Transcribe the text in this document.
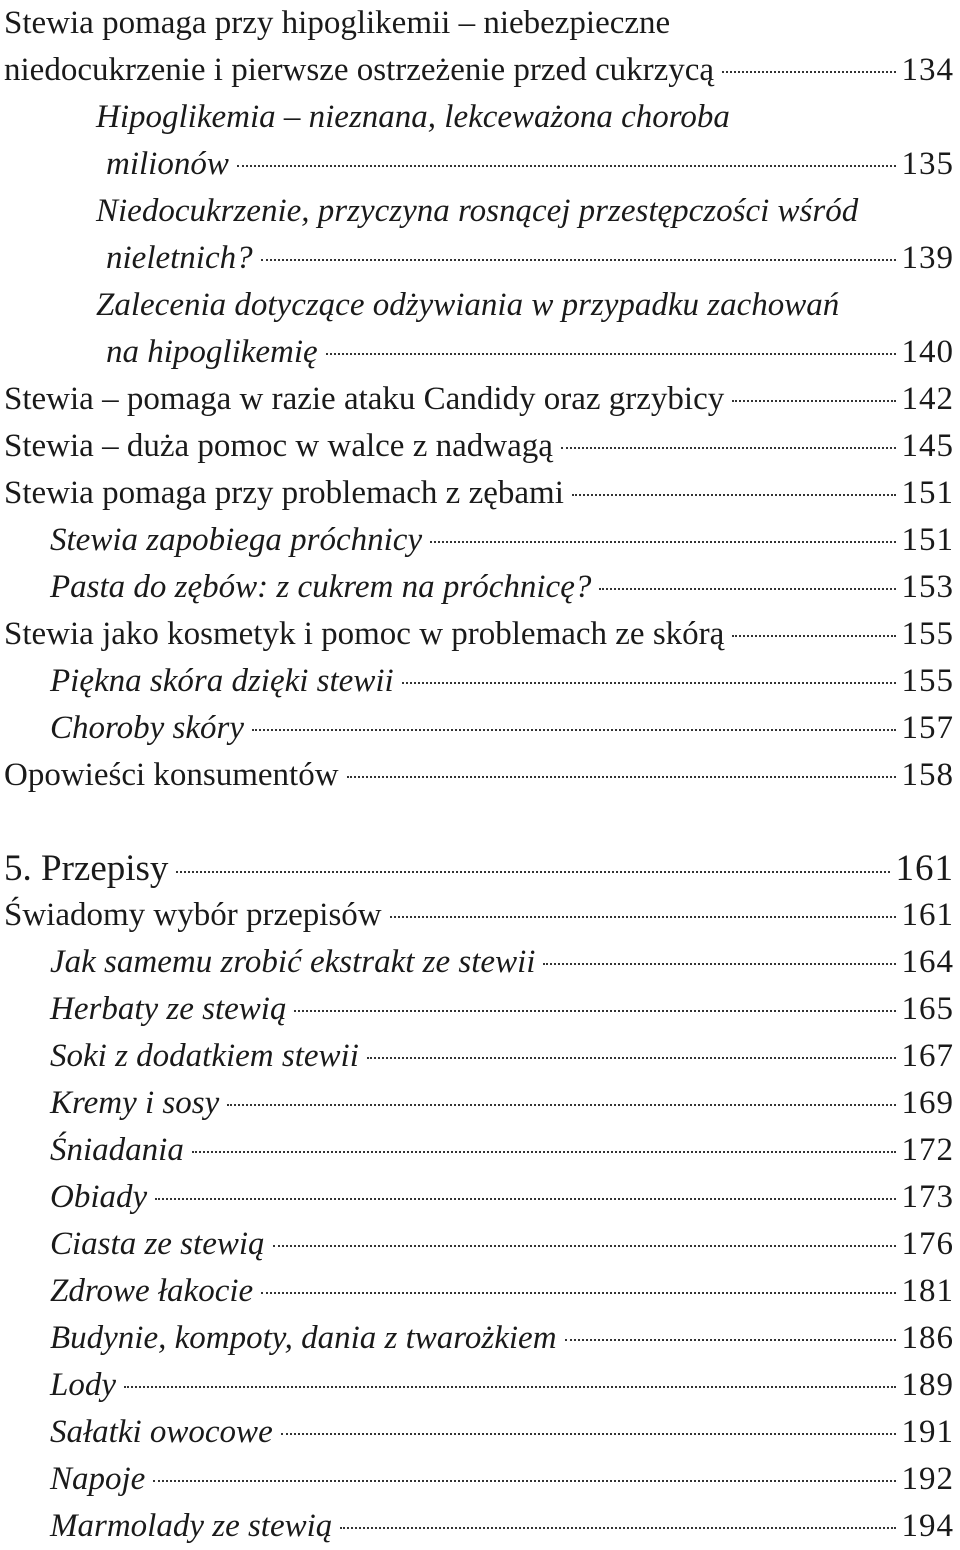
Stewia pomaga przy hipoglikemii – niebezpieczne
niedocukrzenie i pierwsze ostrzeżenie przed cukrzycą	134
Hipoglikemia – nieznana, lekceważona choroba
milionów	135
Niedocukrzenie, przyczyna rosnącej przestępczości wśród
nieletnich?	139
Zalecenia dotyczące odżywiania w przypadku zachowań
na hipoglikemię	140
Stewia – pomaga w razie ataku Candidy oraz grzybicy	142
Stewia – duża pomoc w walce z nadwagą	145
Stewia pomaga przy problemach z zębami	151
Stewia zapobiega próchnicy	151
Pasta do zębów: z cukrem na próchnicę?	153
Stewia jako kosmetyk i pomoc w problemach ze skórą	155
Piękna skóra dzięki stewii	155
Choroby skóry	157
Opowieści konsumentów	158
5. Przepisy	161
Świadomy wybór przepisów	161
Jak samemu zrobić ekstrakt ze stewii	164
Herbaty ze stewią	165
Soki z dodatkiem stewii	167
Kremy i sosy	169
Śniadania	172
Obiady	173
Ciasta ze stewią	176
Zdrowe łakocie	181
Budynie, kompoty, dania z twarożkiem	186
Lody	189
Sałatki owocowe	191
Napoje	192
Marmolady ze stewią	194
